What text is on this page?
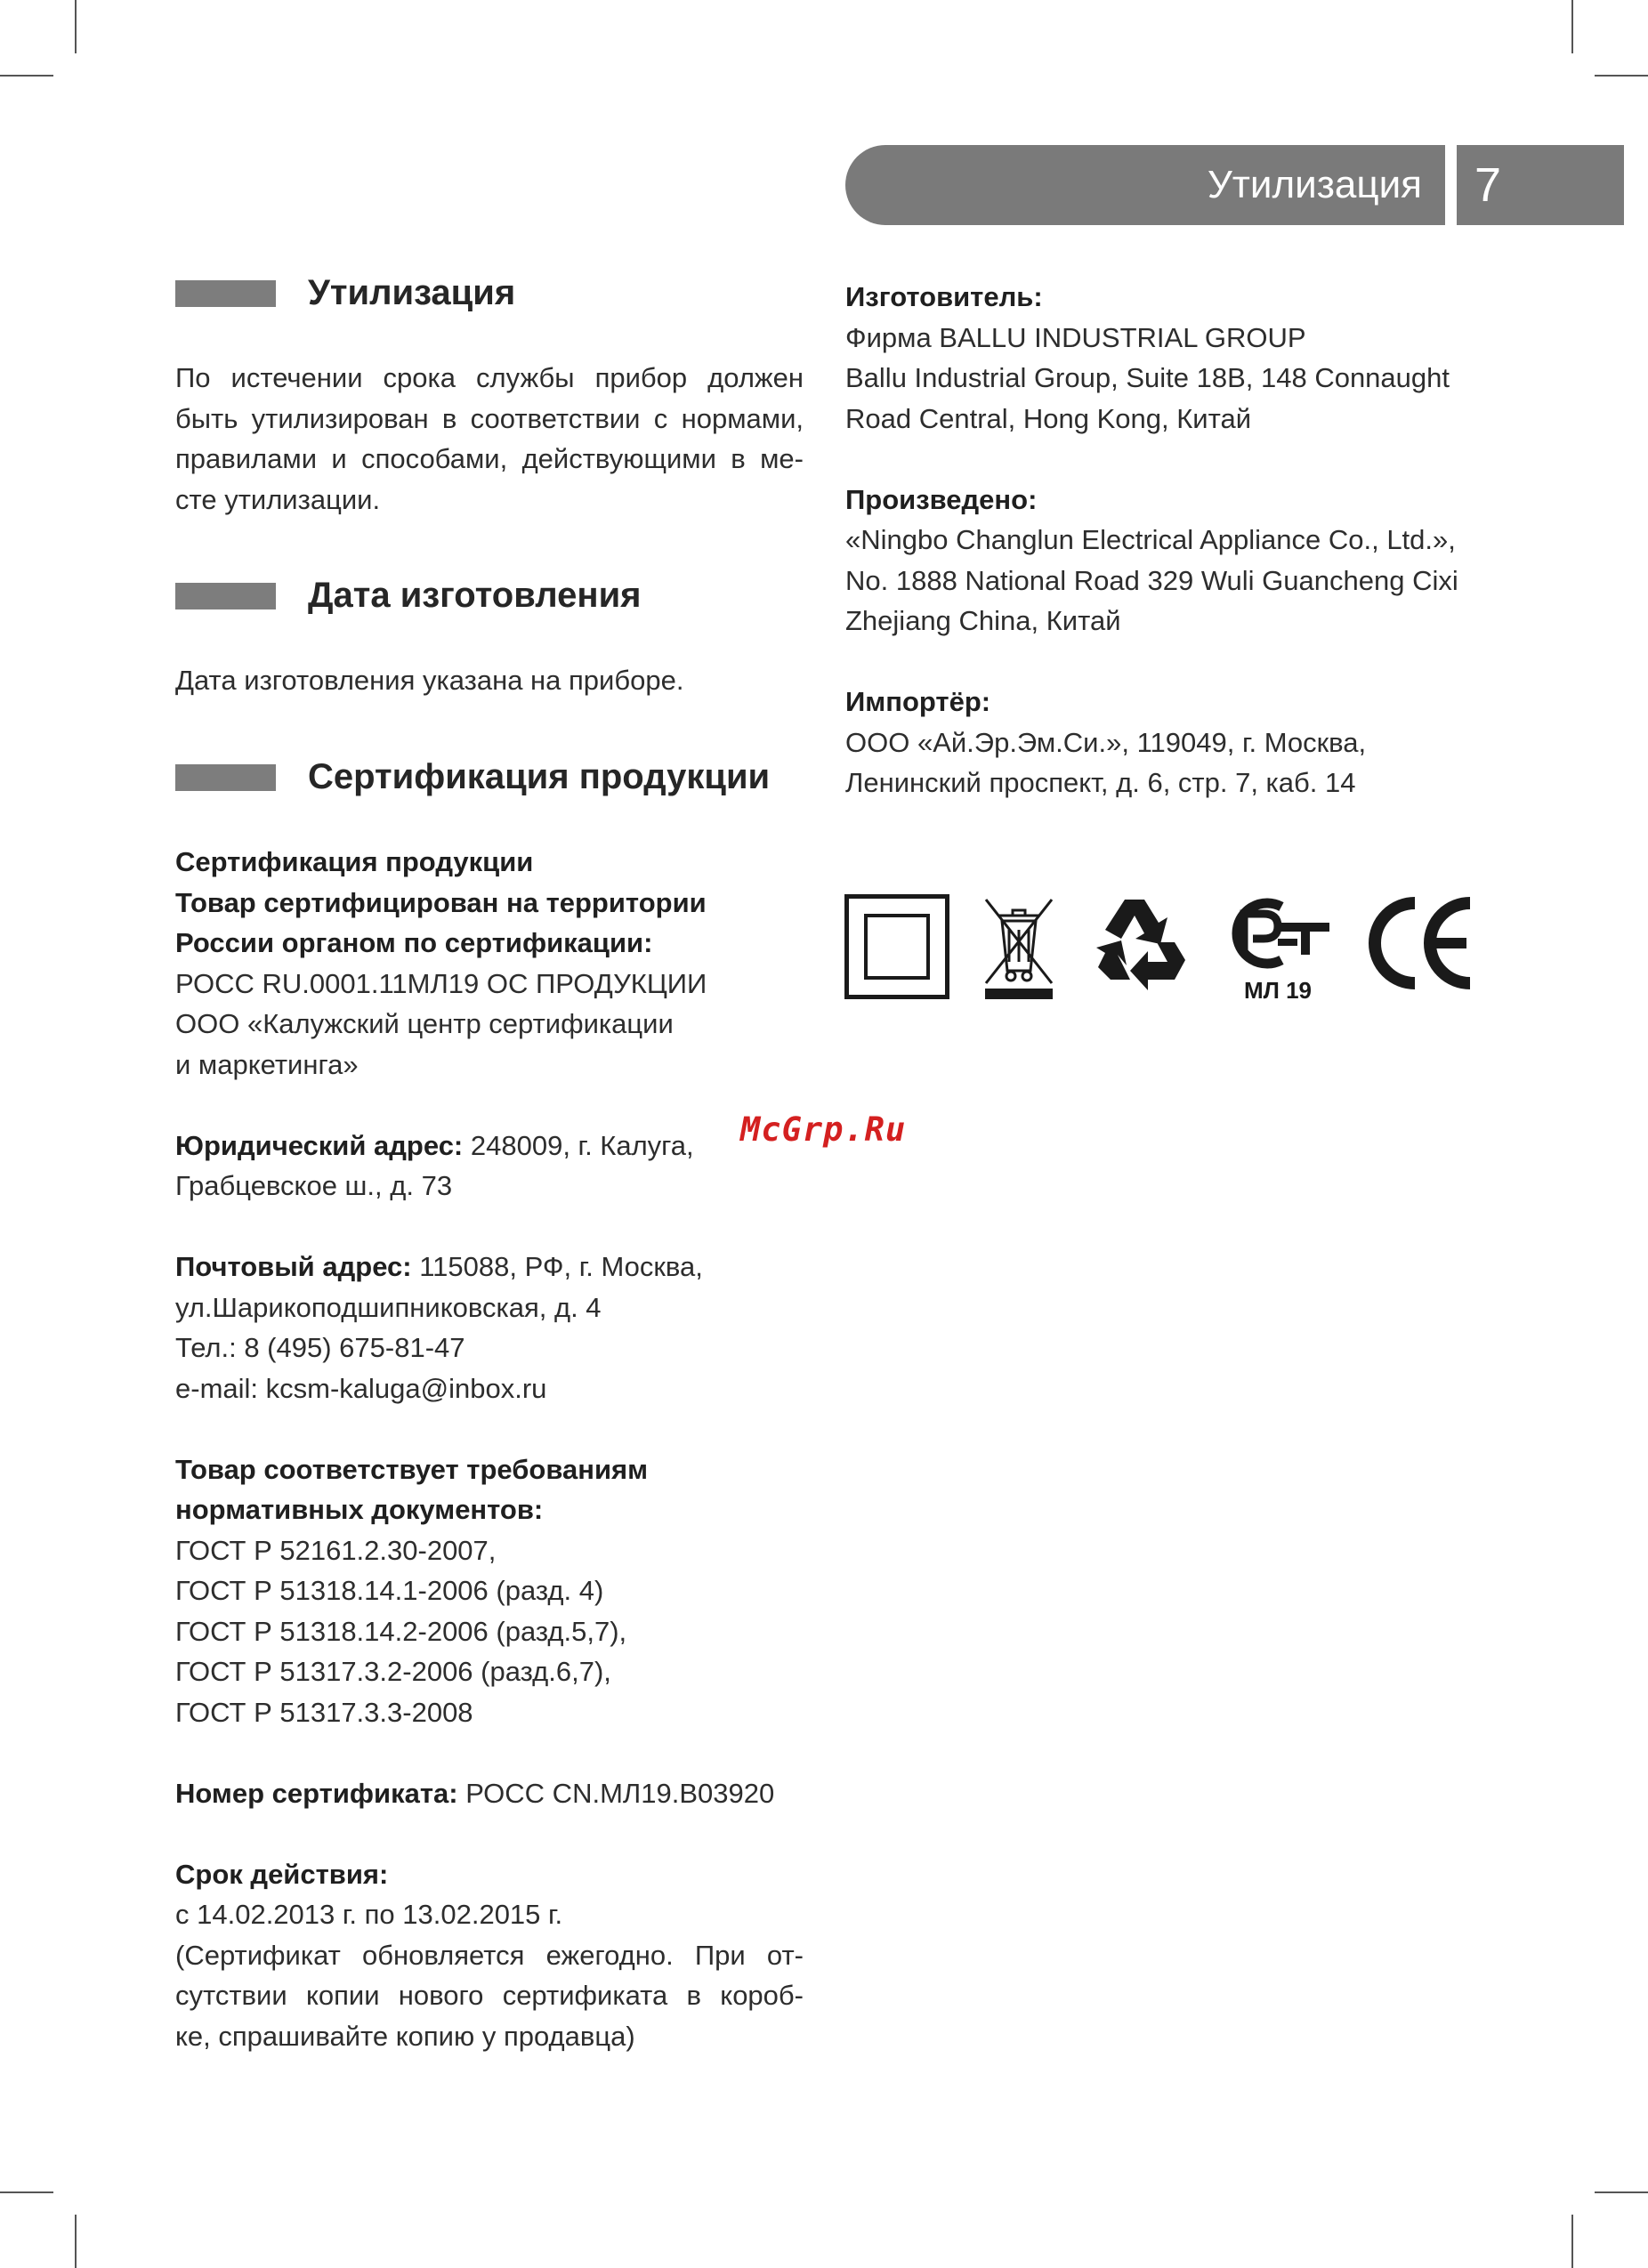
Утилизация	7
Утилизация
По истечении срока службы прибор должен
быть утилизирован в соответствии с нормами,
правилами и способами, действующими в ме-
сте утилизации.
Дата изготовления
Дата изготовления указана на приборе.
Сертификация продукции
Сертификация продукции
Товар сертифицирован на территории
России органом по сертификации:
РОСС RU.0001.11МЛ19 ОС ПРОДУКЦИИ
ООО «Калужский центр сертификации
и маркетинга»
Юридический адрес: 248009, г. Калуга,
Грабцевское ш., д. 73
Почтовый адрес: 115088, РФ, г. Москва,
ул.Шарикоподшипниковская, д. 4
Тел.: 8 (495) 675-81-47
e-mail: kcsm-kaluga@inbox.ru
Товар соответствует требованиям
нормативных документов:
ГОСТ Р 52161.2.30-2007,
ГОСТ Р 51318.14.1-2006 (разд. 4)
ГОСТ Р 51318.14.2-2006 (разд.5,7),
ГОСТ Р 51317.3.2-2006 (разд.6,7),
ГОСТ Р 51317.3.3-2008
Номер сертификата: РОСС CN.МЛ19.В03920
Срок действия:
с 14.02.2013 г. по 13.02.2015 г.
(Сертификат обновляется ежегодно. При от-
сутствии копии нового сертификата в короб-
ке, спрашивайте копию у продавца)
McGrp.Ru
Изготовитель:
Фирма BALLU INDUSTRIAL GROUP
Ballu Industrial Group, Suite 18B, 148 Connaught
Road Central, Hong Kong, Китай
Произведено:
«Ningbo Changlun Electrical Appliance Co., Ltd.»,
No. 1888 National Road 329 Wuli Guancheng Cixi
Zhejiang China, Китай
Импортёр:
ООО «Ай.Эр.Эм.Си.», 119049, г. Москва,
Ленинский проспект, д. 6, стр. 7, каб. 14
МЛ 19
